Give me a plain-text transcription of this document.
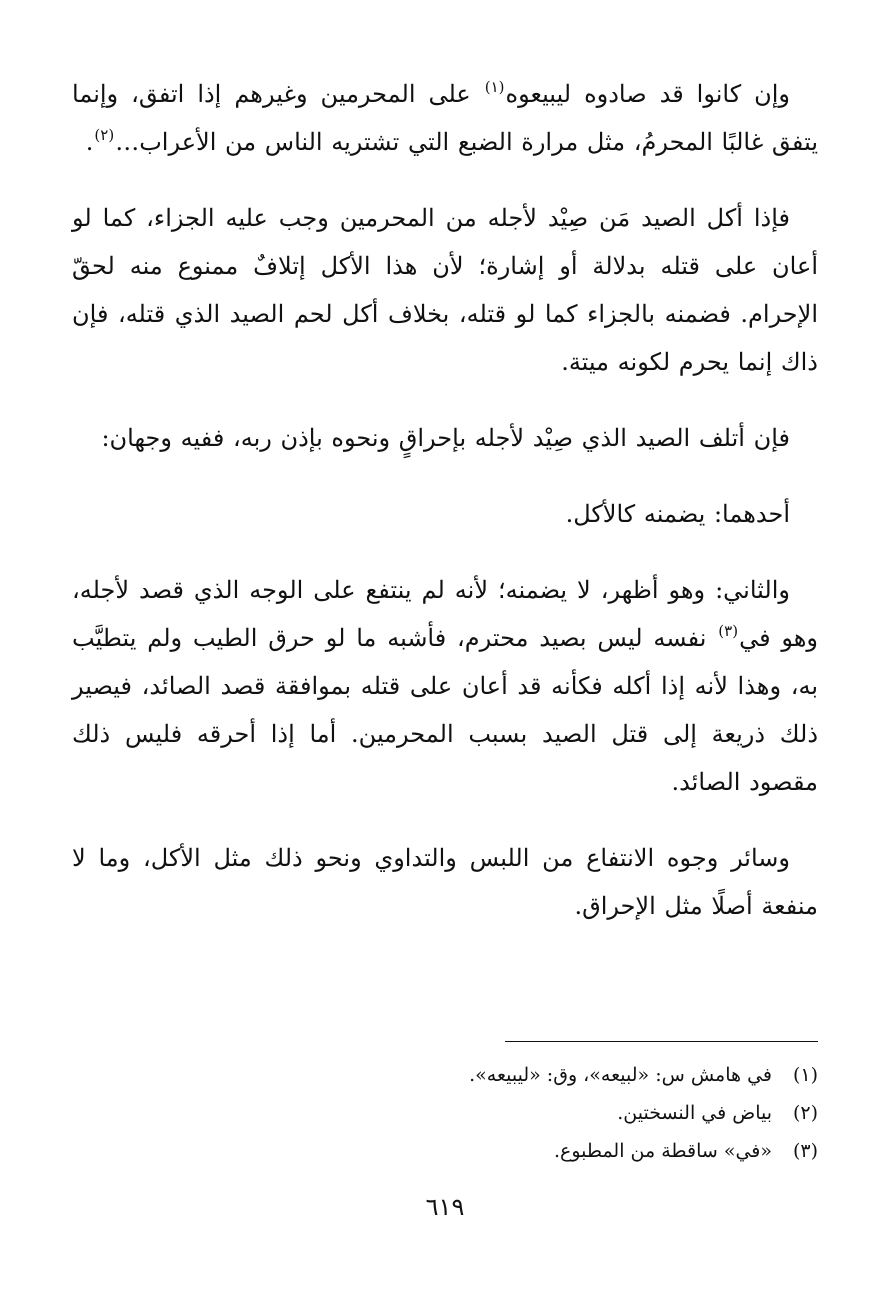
وإن كانوا قد صادوه ليبيعوه$^{(١)}$ على المحرمين وغيرهم إذا اتفق، وإنما يتفق غالبًا المحرمُ، مثل مرارة الضبع التي تشتريه الناس من الأعراب…$^{(٢)}$.

فإذا أكل الصيد مَن صِيْد لأجله من المحرمين وجب عليه الجزاء، كما لو أعان على قتله بدلالة أو إشارة؛ لأن هذا الأكل إتلافٌ ممنوع منه لحقّ الإحرام. فضمنه بالجزاء كما لو قتله، بخلاف أكل لحم الصيد الذي قتله، فإن ذاك إنما يحرم لكونه ميتة.

فإن أتلف الصيد الذي صِيْد لأجله بإحراقٍ ونحوه بإذن ربه، ففيه وجهان:

أحدهما: يضمنه كالأكل.

والثاني: وهو أظهر، لا يضمنه؛ لأنه لم ينتفع على الوجه الذي قصد لأجله، وهو في$^{(٣)}$ نفسه ليس بصيد محترم، فأشبه ما لو حرق الطيب ولم يتطيَّب به، وهذا لأنه إذا أكله فكأنه قد أعان على قتله بموافقة قصد الصائد، فيصير ذلك ذريعة إلى قتل الصيد بسبب المحرمين. أما إذا أحرقه فليس ذلك مقصود الصائد.

وسائر وجوه الانتفاع من اللبس والتداوي ونحو ذلك مثل الأكل، وما لا منفعة أصلًا مثل الإحراق.

(١)في هامش س: «لبيعه»، وق: «ليبيعه».
(٢)بياض في النسختين.
(٣)«في» ساقطة من المطبوع.
٦١٩
